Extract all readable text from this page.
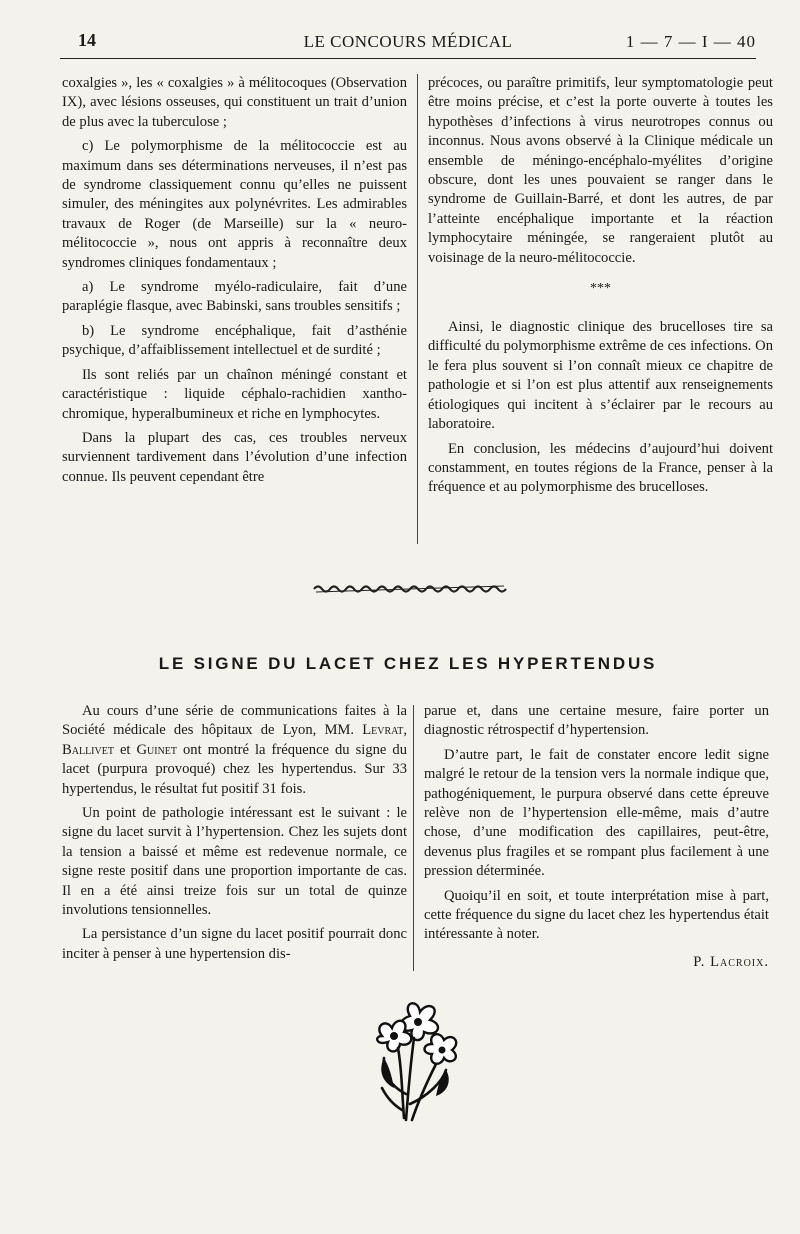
14	LE CONCOURS MÉDICAL	1 — 7 — I — 40

coxalgies », les « coxalgies » à mélitocoques (Observation IX), avec lésions osseuses, qui constituent un trait d’union de plus avec la tuberculose ;

c) Le polymorphisme de la mélitococcie est au maximum dans ses déterminations nerveuses, il n’est pas de syndrome classiquement connu qu’elles ne puissent simuler, des méningites aux polynévrites. Les admirables travaux de Roger (de Marseille) sur la « neuro-mélitococcie », nous ont appris à reconnaître deux syndromes cliniques fondamentaux ;

a) Le syndrome myélo-radiculaire, fait d’une paraplégie flasque, avec Babinski, sans troubles sensitifs ;

b) Le syndrome encéphalique, fait d’asthénie psychique, d’affaiblissement intellectuel et de surdité ;

Ils sont reliés par un chaînon méningé constant et caractéristique : liquide céphalo-rachidien xantho-chromique, hyperalbumineux et riche en lymphocytes.

Dans la plupart des cas, ces troubles nerveux surviennent tardivement dans l’évolution d’une infection connue. Ils peuvent cependant être

précoces, ou paraître primitifs, leur symptomatologie peut être moins précise, et c’est la porte ouverte à toutes les hypothèses d’infections à virus neurotropes connus ou inconnus. Nous avons observé à la Clinique médicale un ensemble de méningo-encéphalo-myélites d’origine obscure, dont les unes pouvaient se ranger dans le syndrome de Guillain-Barré, et dont les autres, de par l’atteinte encéphalique importante et la réaction lymphocytaire méningée, se rangeraient plutôt au voisinage de la neuro-mélitococcie.

***

Ainsi, le diagnostic clinique des brucelloses tire sa difficulté du polymorphisme extrême de ces infections. On le fera plus souvent si l’on connaît mieux ce chapitre de pathologie et si l’on est plus attentif aux renseignements étiologiques qui incitent à s’éclairer par le recours au laboratoire.

En conclusion, les médecins d’aujourd’hui doivent constamment, en toutes régions de la France, penser à la fréquence et au polymorphisme des brucelloses.

LE SIGNE DU LACET CHEZ LES HYPERTENDUS

Au cours d’une série de communications faites à la Société médicale des hôpitaux de Lyon, MM. Levrat, Ballivet et Guinet ont montré la fréquence du signe du lacet (purpura provoqué) chez les hypertendus. Sur 33 hypertendus, le résultat fut positif 31 fois.

Un point de pathologie intéressant est le suivant : le signe du lacet survit à l’hypertension. Chez les sujets dont la tension a baissé et même est redevenue normale, ce signe reste positif dans une proportion importante de cas. Il en a été ainsi treize fois sur un total de quinze involutions tensionnelles.

La persistance d’un signe du lacet positif pourrait donc inciter à penser à une hypertension dis-

parue et, dans une certaine mesure, faire porter un diagnostic rétrospectif d’hypertension.

D’autre part, le fait de constater encore ledit signe malgré le retour de la tension vers la normale indique que, pathogéniquement, le purpura observé dans cette épreuve relève non de l’hypertension elle-même, mais d’autre chose, d’une modification des capillaires, peut-être, devenus plus fragiles et se rompant plus facilement à une pression déterminée.

Quoiqu’il en soit, et toute interprétation mise à part, cette fréquence du signe du lacet chez les hypertendus était intéressante à noter.

P. Lacroix.
